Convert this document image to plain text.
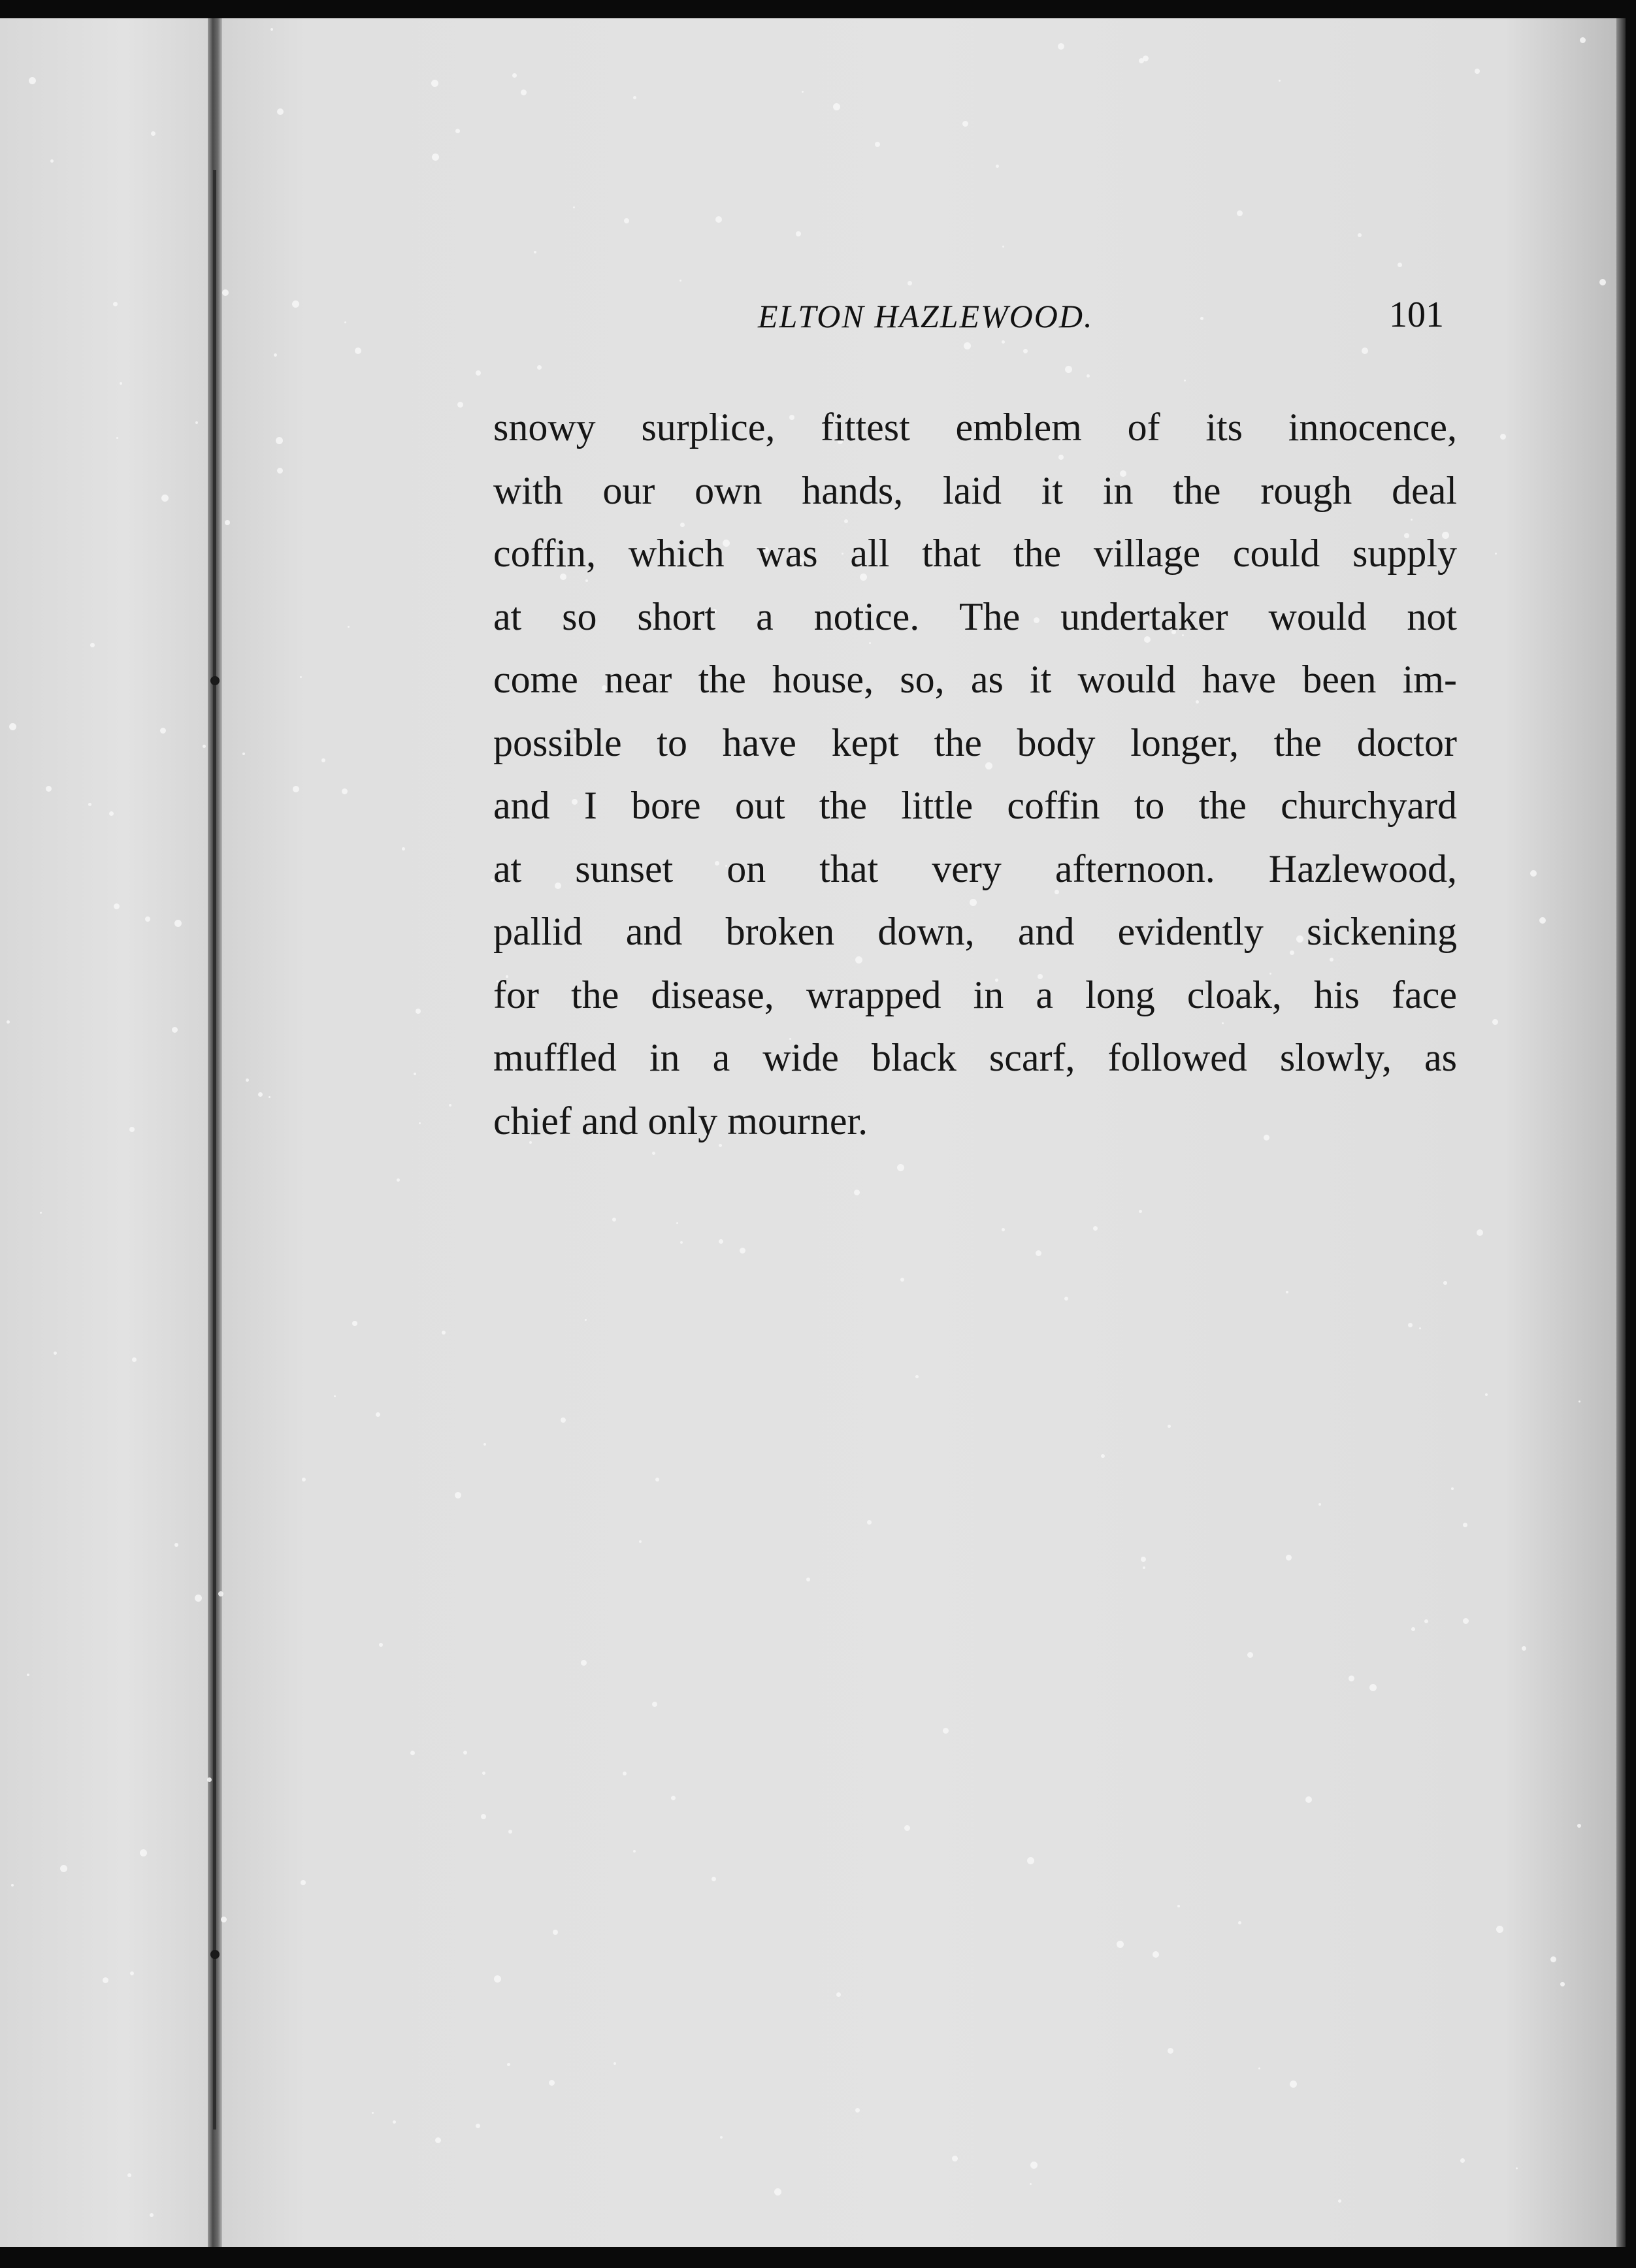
ELTON HAZLEWOOD.	101
snowy surplice, fittest emblem of its innocence,
with our own hands, laid it in the rough deal
coffin, which was all that the village could supply
at so short a notice. The undertaker would not
come near the house, so, as it would have been im-
possible to have kept the body longer, the doctor
and I bore out the little coffin to the churchyard
at sunset on that very afternoon. Hazlewood,
pallid and broken down, and evidently sickening
for the disease, wrapped in a long cloak, his face
muffled in a wide black scarf, followed slowly, as
chief and only mourner.
